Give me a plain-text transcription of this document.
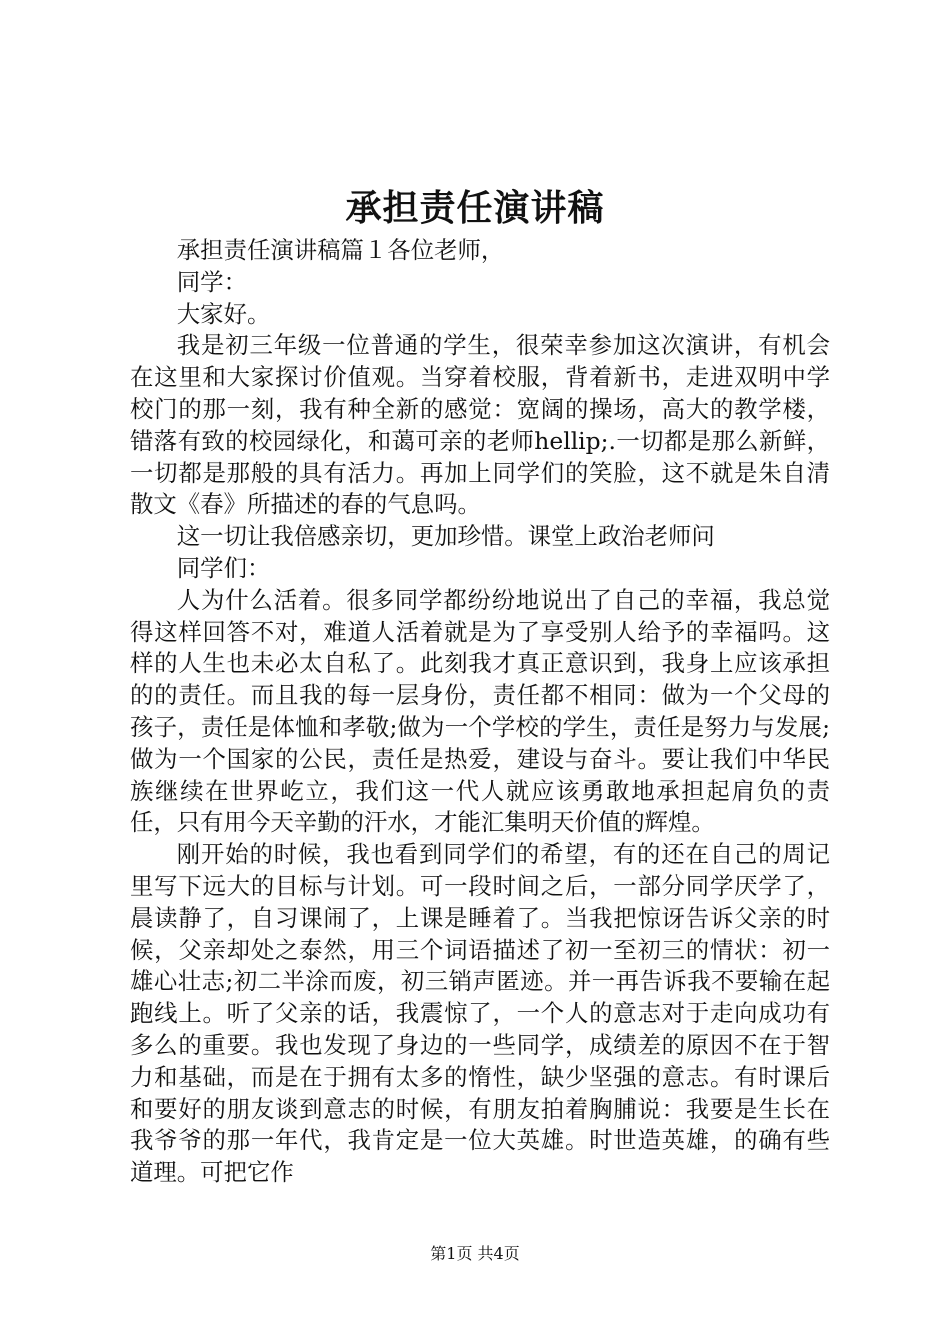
承担责任演讲稿

承担责任演讲稿篇１各位老师，

同学：

大家好。

我是初三年级一位普通的学生，很荣幸参加这次演讲，有机会在这里和大家探讨价值观。当穿着校服，背着新书，走进双明中学校门的那一刻，我有种全新的感觉：宽阔的操场，高大的教学楼，错落有致的校园绿化，和蔼可亲的老师hellip;.一切都是那么新鲜，一切都是那般的具有活力。再加上同学们的笑脸，这不就是朱自清散文《春》所描述的春的气息吗。

这一切让我倍感亲切，更加珍惜。课堂上政治老师问

同学们：

人为什么活着。很多同学都纷纷地说出了自己的幸福，我总觉得这样回答不对，难道人活着就是为了享受别人给予的幸福吗。这样的人生也未必太自私了。此刻我才真正意识到，我身上应该承担的的责任。而且我的每一层身份，责任都不相同：做为一个父母的孩子，责任是体恤和孝敬;做为一个学校的学生，责任是努力与发展;做为一个国家的公民，责任是热爱，建设与奋斗。要让我们中华民族继续在世界屹立，我们这一代人就应该勇敢地承担起肩负的责任，只有用今天辛勤的汗水，才能汇集明天价值的辉煌。

刚开始的时候，我也看到同学们的希望，有的还在自己的周记里写下远大的目标与计划。可一段时间之后，一部分同学厌学了，晨读静了，自习课闹了，上课是睡着了。当我把惊讶告诉父亲的时候，父亲却处之泰然，用三个词语描述了初一至初三的情状：初一雄心壮志;初二半涂而废，初三销声匿迹。并一再告诉我不要输在起跑线上。听了父亲的话，我震惊了，一个人的意志对于走向成功有多么的重要。我也发现了身边的一些同学，成绩差的原因不在于智力和基础，而是在于拥有太多的惰性，缺少坚强的意志。有时课后和要好的朋友谈到意志的时候，有朋友拍着胸脯说：我要是生长在我爷爷的那一年代，我肯定是一位大英雄。时世造英雄，的确有些道理。可把它作

第1页 共4页
